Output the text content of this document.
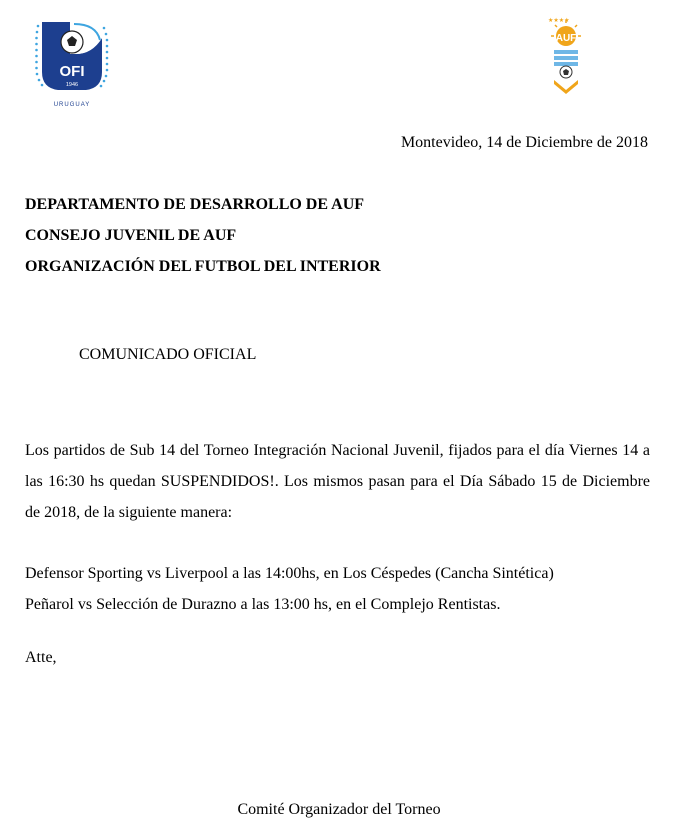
OFI
1946
URUGUAY
★★★★
AUF
Montevideo, 14 de Diciembre de 2018
DEPARTAMENTO DE DESARROLLO DE AUF
CONSEJO JUVENIL DE AUF
ORGANIZACIÓN DEL FUTBOL DEL INTERIOR
COMUNICADO OFICIAL
Los partidos de Sub 14 del Torneo Integración Nacional Juvenil, fijados para el día Viernes 14 a las 16:30 hs quedan SUSPENDIDOS!. Los mismos pasan para el Día Sábado 15 de Diciembre de 2018, de la siguiente manera:
Defensor Sporting vs Liverpool a las 14:00hs, en Los Céspedes (Cancha Sintética)
Peñarol vs Selección de Durazno a las 13:00 hs, en el Complejo Rentistas.
Atte,
Comité Organizador del Torneo
